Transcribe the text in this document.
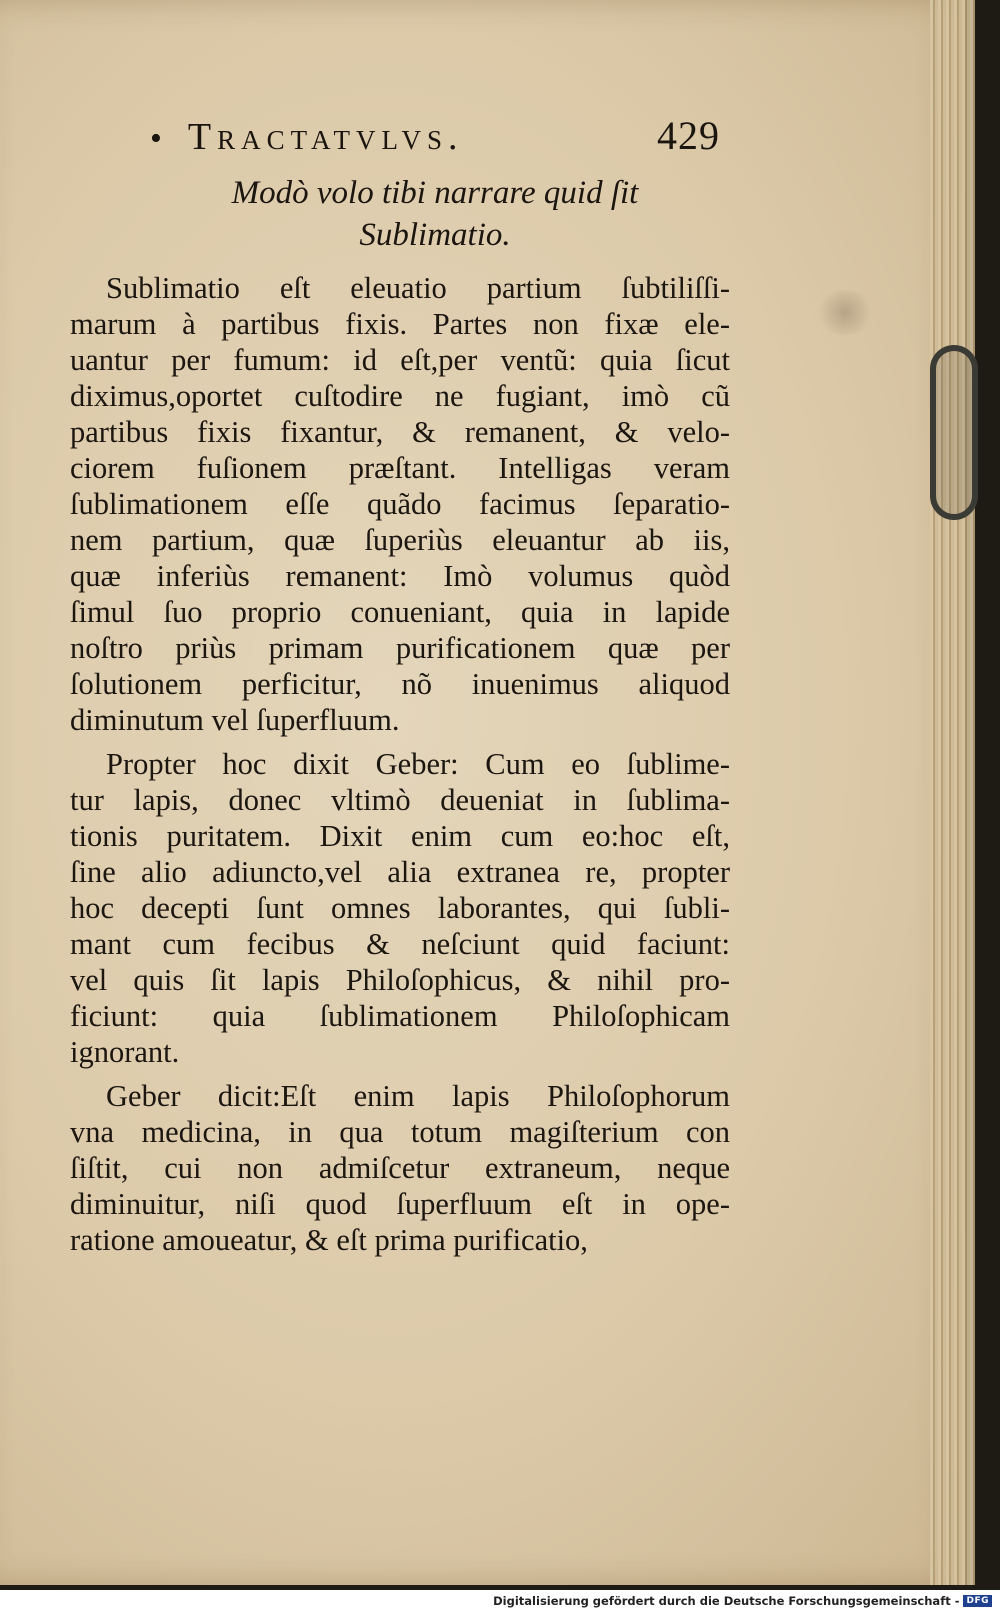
• Tractatvlvs.	429
Modò volo tibi narrare quid ſit
Sublimatio.
Sublimatio eſt eleuatio partium ſubtiliſſi-
marum à partibus fixis. Partes non fixæ ele-
uantur per fumum: id eſt,per ventũ: quia ſicut
diximus,oportet cuſtodire ne fugiant, imò cũ
partibus fixis fixantur, & remanent, & velo-
ciorem fuſionem præſtant. Intelligas veram
ſublimationem eſſe quãdo facimus ſeparatio-
nem partium, quæ ſuperiùs eleuantur ab iis,
quæ inferiùs remanent: Imò volumus quòd
ſimul ſuo proprio conueniant, quia in lapide
noſtro priùs primam purificationem quæ per
ſolutionem perficitur, nõ inuenimus aliquod
diminutum vel ſuperfluum.
Propter hoc dixit Geber: Cum eo ſublime-
tur lapis, donec vltimò deueniat in ſublima-
tionis puritatem. Dixit enim cum eo:hoc eſt,
ſine alio adiuncto,vel alia extranea re, propter
hoc decepti ſunt omnes laborantes, qui ſubli-
mant cum fecibus & neſciunt quid faciunt:
vel quis ſit lapis Philoſophicus, & nihil pro-
ficiunt: quia ſublimationem Philoſophicam
ignorant.
Geber dicit:Eſt enim lapis Philoſophorum
vna medicina, in qua totum magiſterium con
ſiſtit, cui non admiſcetur extraneum, neque
diminuitur, niſi quod ſuperfluum eſt in ope-
ratione amoueatur, & eſt prima purificatio,
Digitalisierung gefördert durch die Deutsche Forschungsgemeinschaft - DFG
